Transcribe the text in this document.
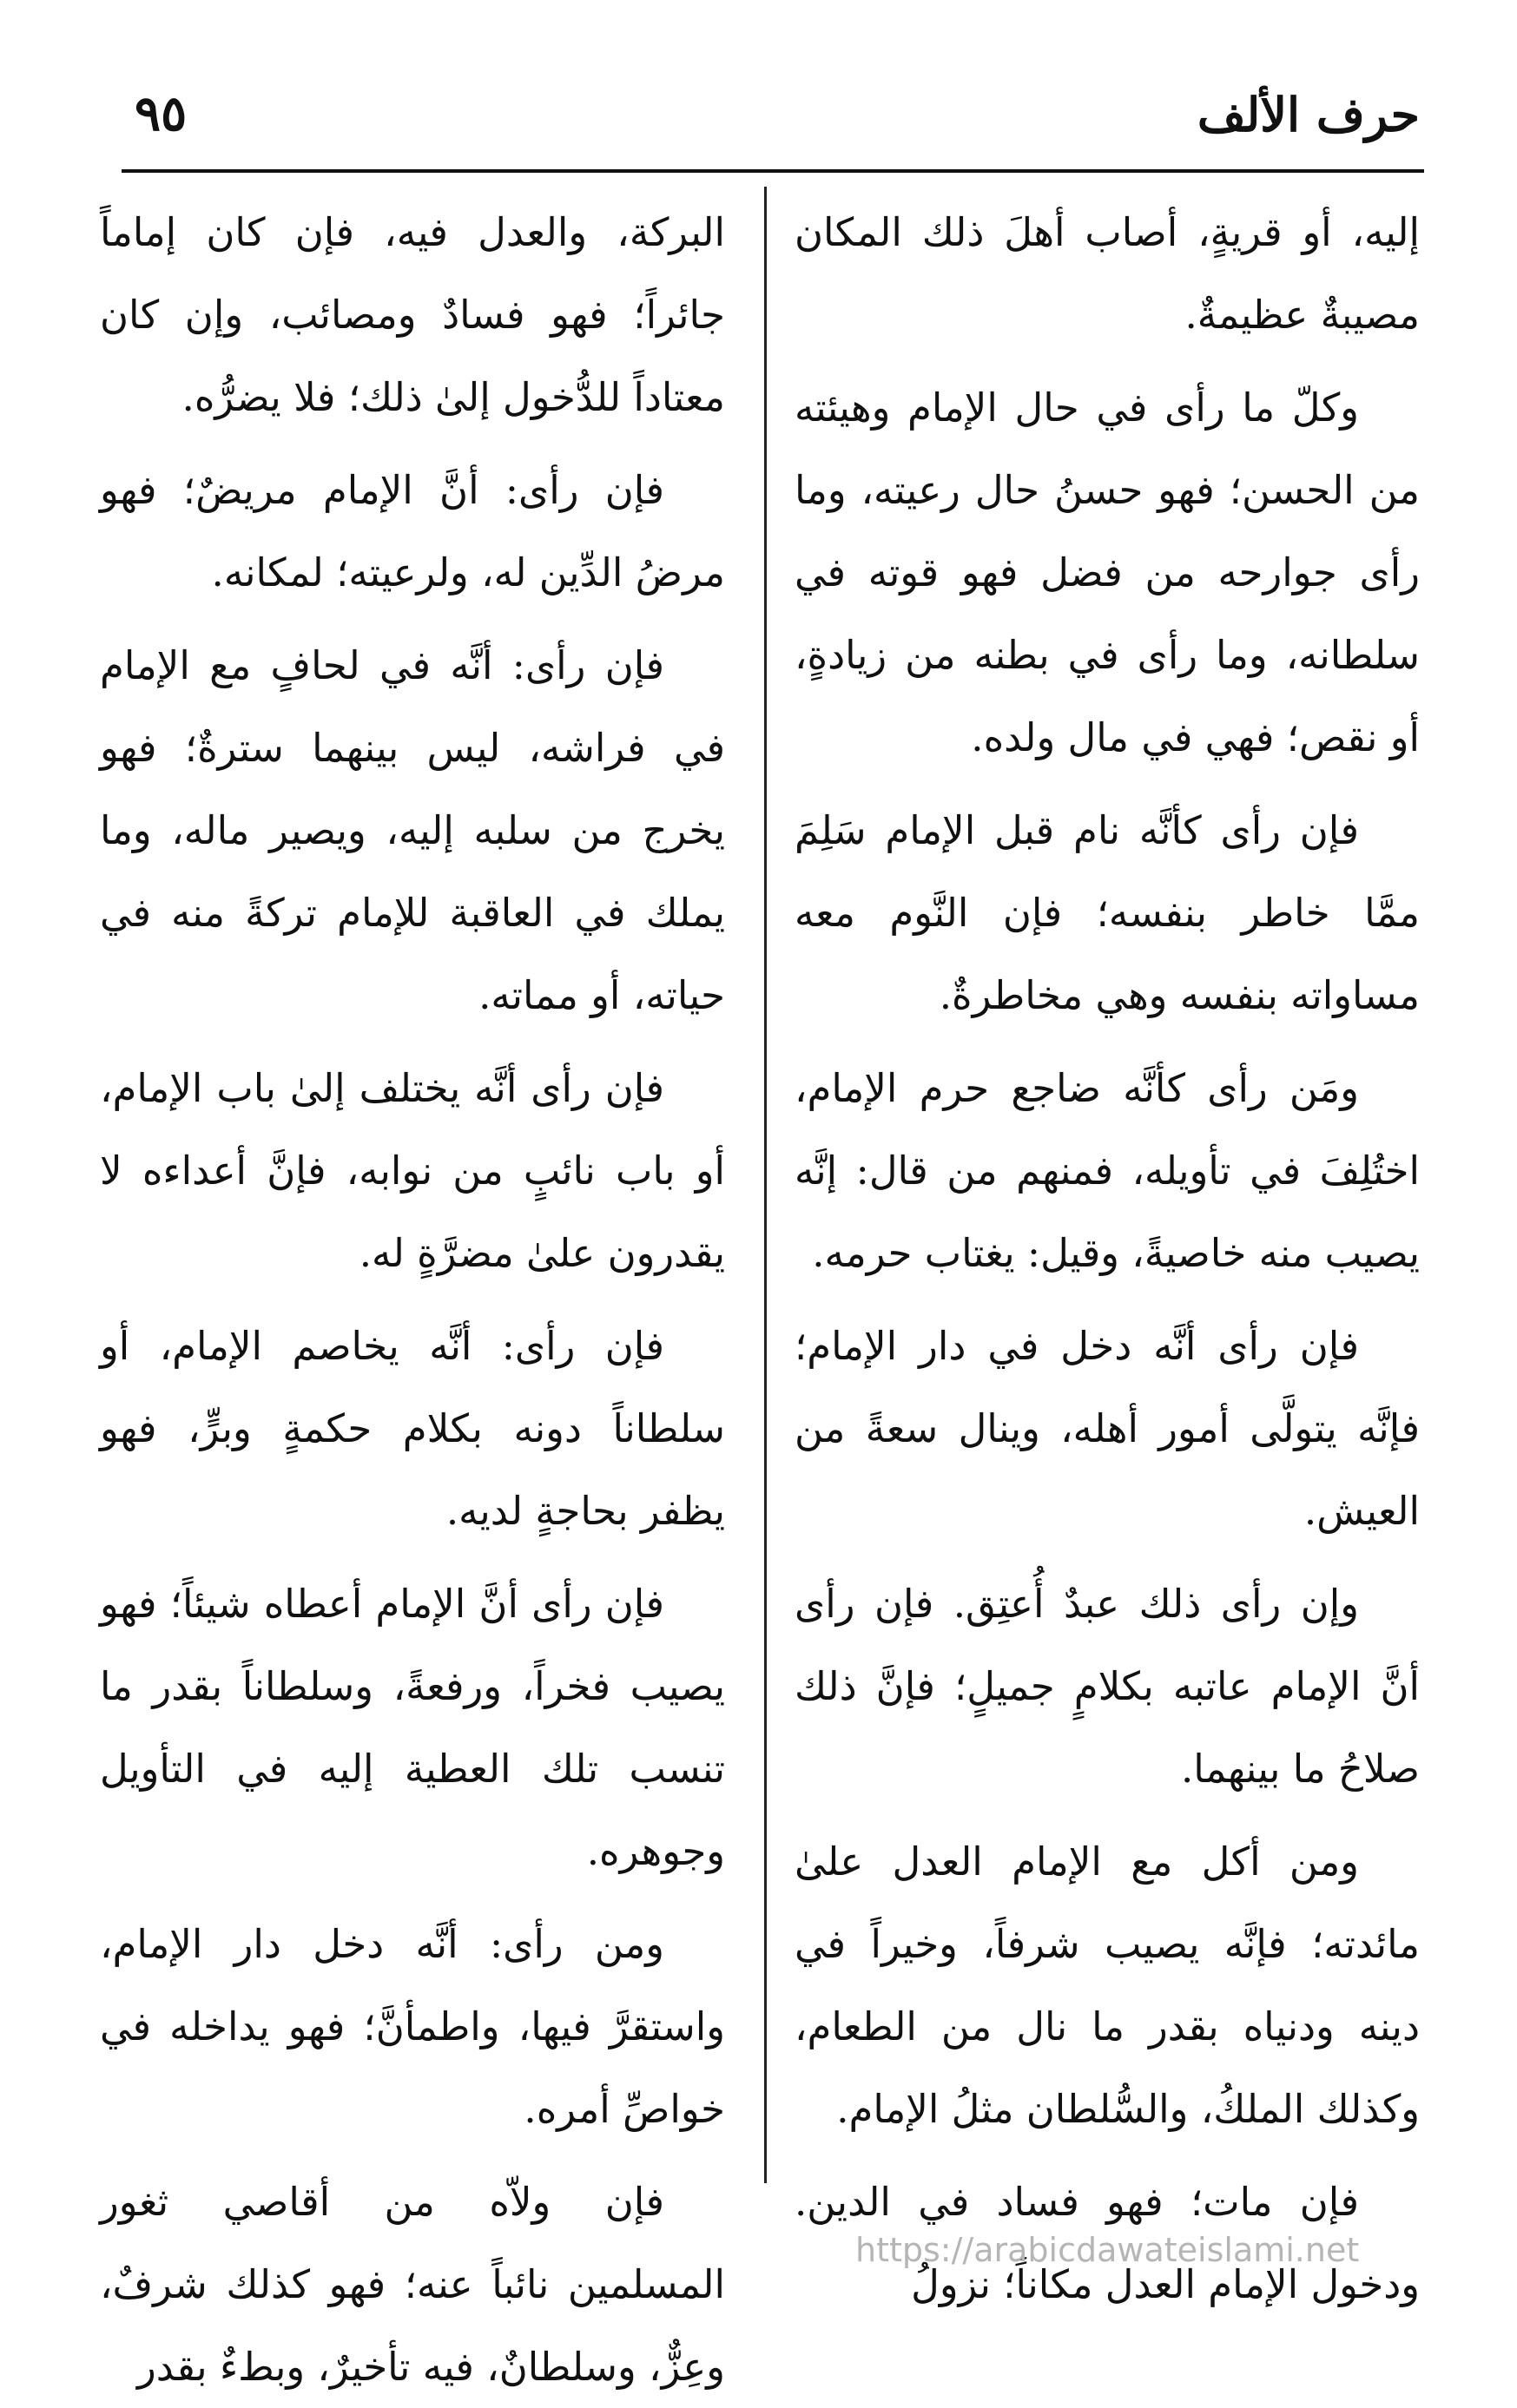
حرف الألف
٩٥

إليه، أو قريةٍ، أصاب أهلَ ذلك المكان مصيبةٌ عظيمةٌ.

وكلّ ما رأى في حال الإمام وهيئته من الحسن؛ فهو حسنُ حال رعيته، وما رأى جوارحه من فضل فهو قوته في سلطانه، وما رأى في بطنه من زيادةٍ، أو نقص؛ فهي في مال ولده.

فإن رأى كأنَّه نام قبل الإمام سَلِمَ ممَّا خاطر بنفسه؛ فإن النَّوم معه مساواته بنفسه وهي مخاطرةٌ.

ومَن رأى كأنَّه ضاجع حرم الإمام، اختُلِفَ في تأويله، فمنهم من قال: إنَّه يصيب منه خاصيةً، وقيل: يغتاب حرمه.

فإن رأى أنَّه دخل في دار الإمام؛ فإنَّه يتولَّى أمور أهله، وينال سعةً من العيش.

وإن رأى ذلك عبدٌ أُعتِق. فإن رأى أنَّ الإمام عاتبه بكلامٍ جميلٍ؛ فإنَّ ذلك صلاحُ ما بينهما.

ومن أكل مع الإمام العدل علىٰ مائدته؛ فإنَّه يصيب شرفاً، وخيراً في دينه ودنياه بقدر ما نال من الطعام، وكذلك الملكُ، والسُّلطان مثلُ الإمام.

فإن مات؛ فهو فساد في الدين. ودخول الإمام العدل مكاناً؛ نزولُ

البركة، والعدل فيه، فإن كان إماماً جائراً؛ فهو فسادٌ ومصائب، وإن كان معتاداً للدُّخول إلىٰ ذلك؛ فلا يضرُّه.

فإن رأى: أنَّ الإمام مريضٌ؛ فهو مرضُ الدِّين له، ولرعيته؛ لمكانه.

فإن رأى: أنَّه في لحافٍ مع الإمام في فراشه، ليس بينهما سترةٌ؛ فهو يخرج من سلبه إليه، ويصير ماله، وما يملك في العاقبة للإمام تركةً منه في حياته، أو مماته.

فإن رأى أنَّه يختلف إلىٰ باب الإمام، أو باب نائبٍ من نوابه، فإنَّ أعداءه لا يقدرون علىٰ مضرَّةٍ له.

فإن رأى: أنَّه يخاصم الإمام، أو سلطاناً دونه بكلام حكمةٍ وبرٍّ، فهو يظفر بحاجةٍ لديه.

فإن رأى أنَّ الإمام أعطاه شيئاً؛ فهو يصيب فخراً، ورفعةً، وسلطاناً بقدر ما تنسب تلك العطية إليه في التأويل وجوهره.

ومن رأى: أنَّه دخل دار الإمام، واستقرَّ فيها، واطمأنَّ؛ فهو يداخله في خواصِّ أمره.

فإن ولاّه من أقاصي ثغور المسلمين نائباً عنه؛ فهو كذلك شرفٌ، وعِزٌّ، وسلطانٌ، فيه تأخيرٌ، وبطءٌ بقدر

https://arabicdawateislami.net
